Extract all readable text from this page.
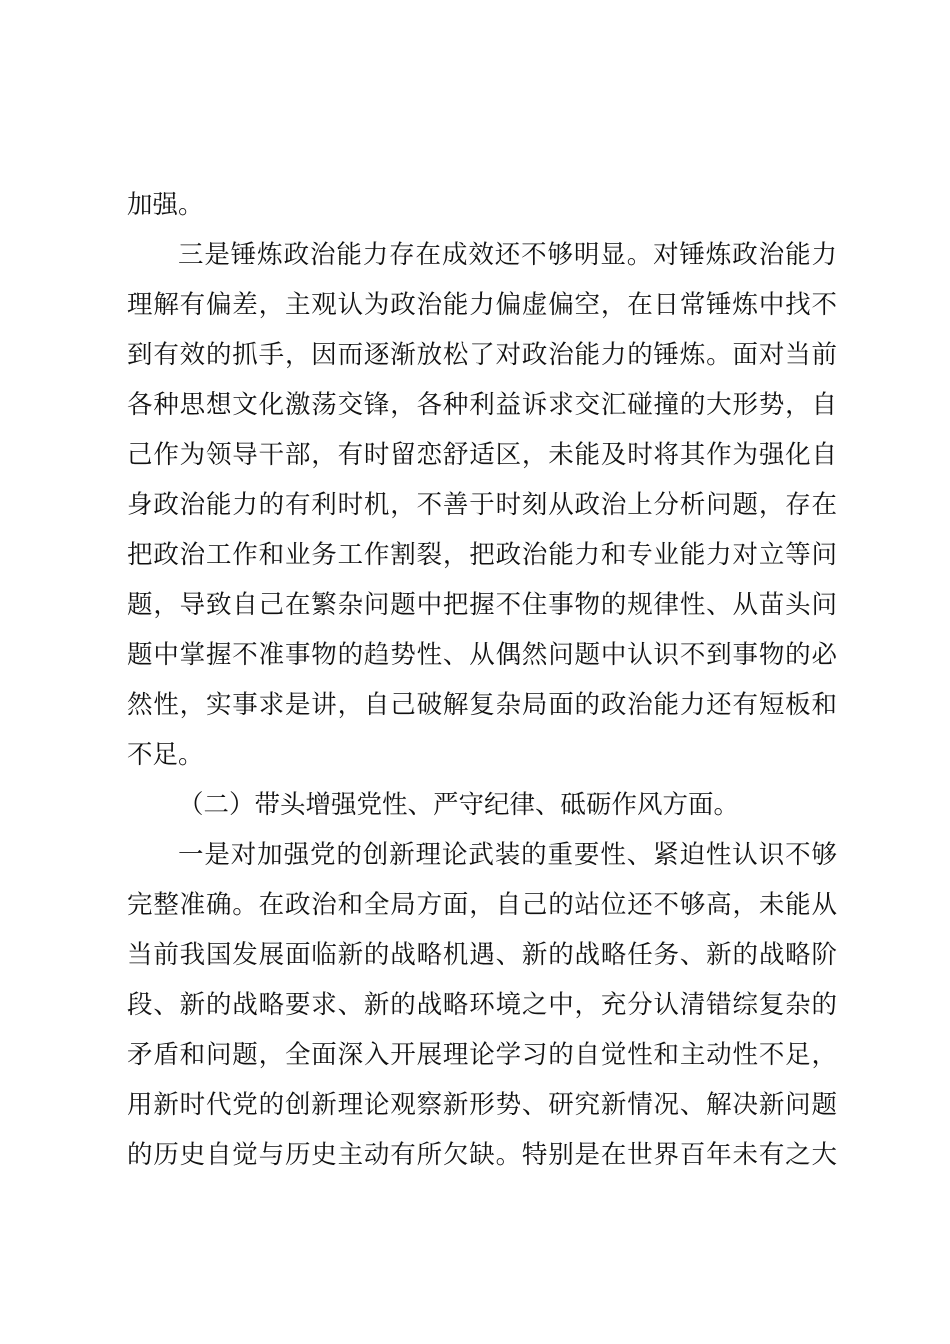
加强。
三是锤炼政治能力存在成效还不够明显。对锤炼政治能力
理解有偏差，主观认为政治能力偏虚偏空，在日常锤炼中找不
到有效的抓手，因而逐渐放松了对政治能力的锤炼。面对当前
各种思想文化激荡交锋，各种利益诉求交汇碰撞的大形势，自
己作为领导干部，有时留恋舒适区，未能及时将其作为强化自
身政治能力的有利时机，不善于时刻从政治上分析问题，存在
把政治工作和业务工作割裂，把政治能力和专业能力对立等问
题，导致自己在繁杂问题中把握不住事物的规律性、从苗头问
题中掌握不准事物的趋势性、从偶然问题中认识不到事物的必
然性，实事求是讲，自己破解复杂局面的政治能力还有短板和
不足。
（二）带头增强党性、严守纪律、砥砺作风方面。
一是对加强党的创新理论武装的重要性、紧迫性认识不够
完整准确。在政治和全局方面，自己的站位还不够高，未能从
当前我国发展面临新的战略机遇、新的战略任务、新的战略阶
段、新的战略要求、新的战略环境之中，充分认清错综复杂的
矛盾和问题，全面深入开展理论学习的自觉性和主动性不足，
用新时代党的创新理论观察新形势、研究新情况、解决新问题
的历史自觉与历史主动有所欠缺。特别是在世界百年未有之大
